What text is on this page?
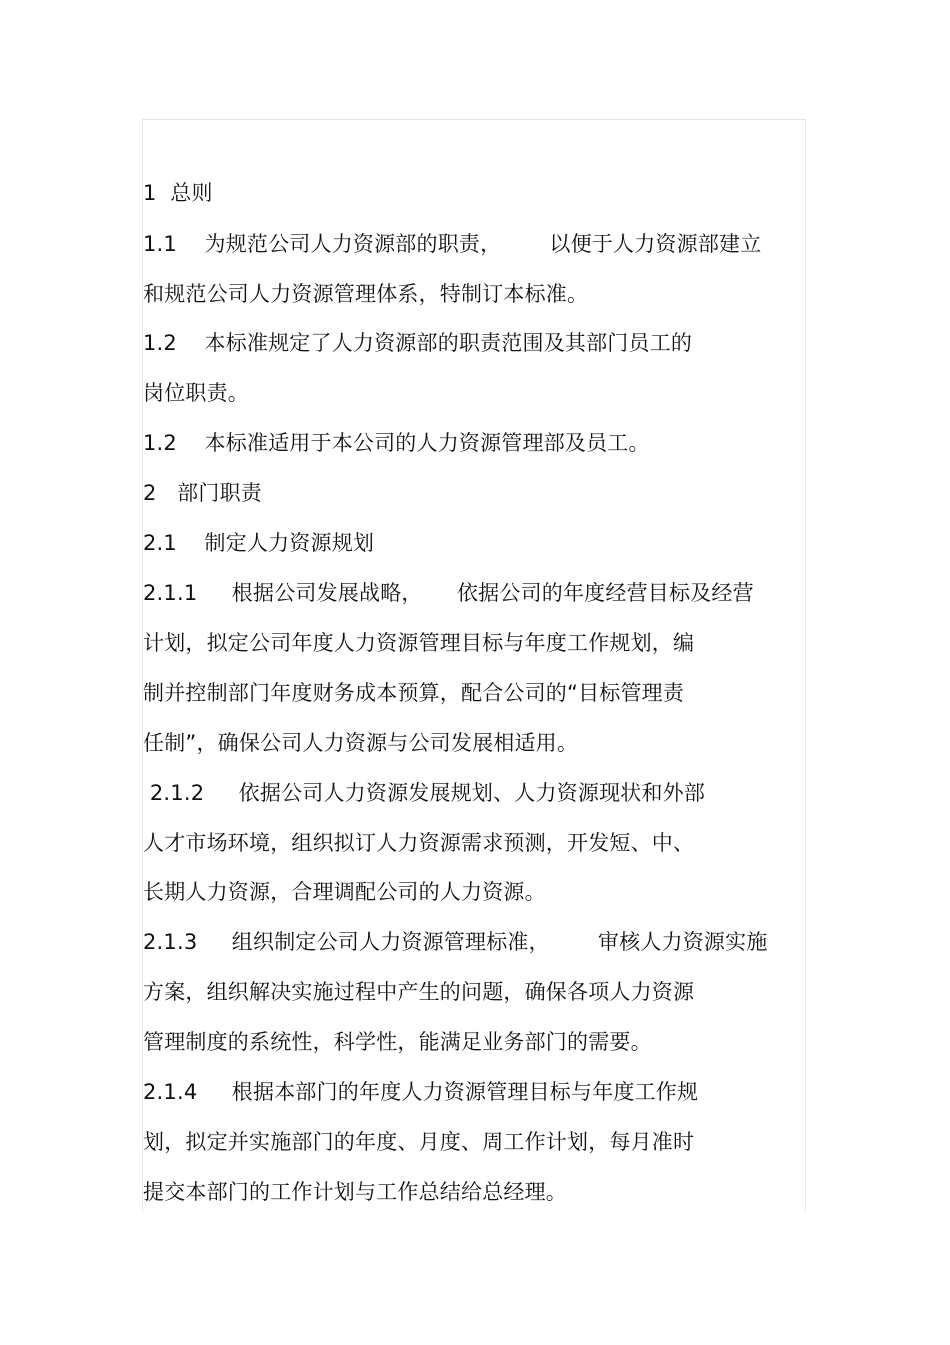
1  总则
1.1    为规范公司人力资源部的职责，       以便于人力资源部建立
和规范公司人力资源管理体系，特制订本标准。
1.2    本标准规定了人力资源部的职责范围及其部门员工的
岗位职责。
1.2    本标准适用于本公司的人力资源管理部及员工。
2   部门职责
2.1    制定人力资源规划
2.1.1     根据公司发展战略，     依据公司的年度经营目标及经营
计划，拟定公司年度人力资源管理目标与年度工作规划，编
制并控制部门年度财务成本预算，配合公司的“目标管理责
任制”，确保公司人力资源与公司发展相适用。
2.1.2     依据公司人力资源发展规划、人力资源现状和外部
人才市场环境，组织拟订人力资源需求预测，开发短、中、
长期人力资源，合理调配公司的人力资源。
2.1.3     组织制定公司人力资源管理标准，       审核人力资源实施
方案，组织解决实施过程中产生的问题，确保各项人力资源
管理制度的系统性，科学性，能满足业务部门的需要。
2.1.4     根据本部门的年度人力资源管理目标与年度工作规
划，拟定并实施部门的年度、月度、周工作计划，每月准时
提交本部门的工作计划与工作总结给总经理。
